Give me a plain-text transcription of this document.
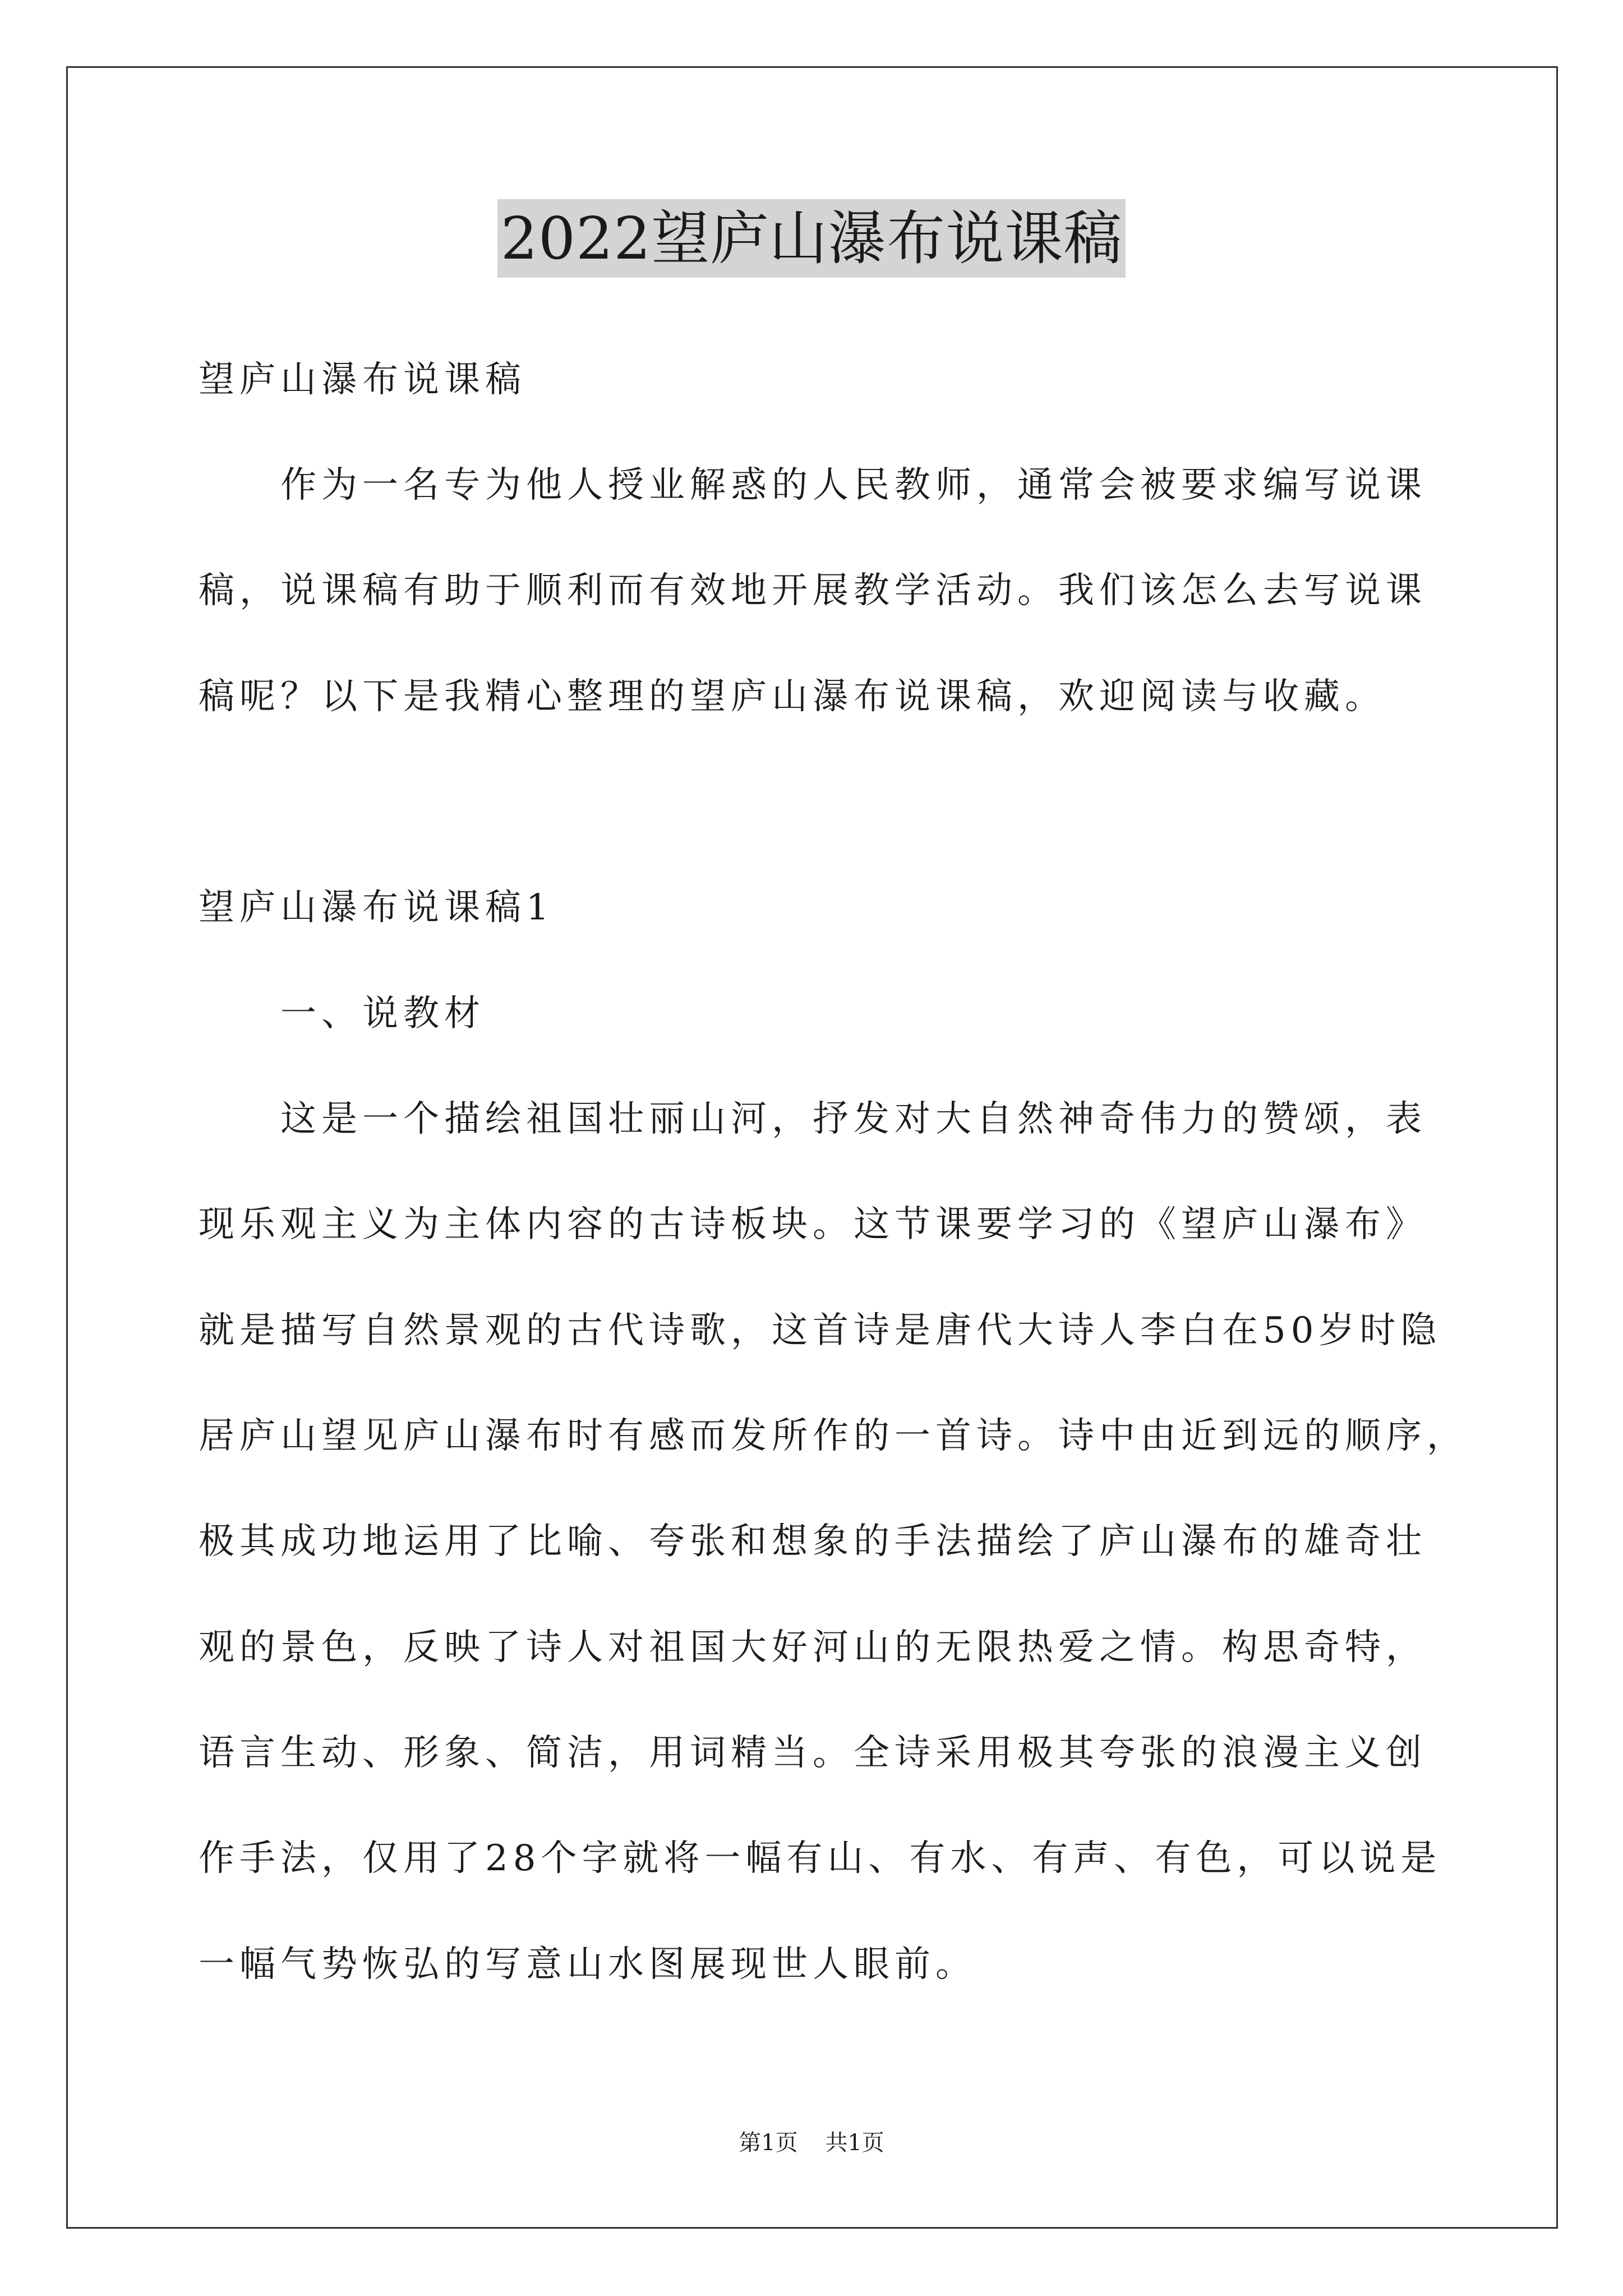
2022望庐山瀑布说课稿
望庐山瀑布说课稿
作为一名专为他人授业解惑的人民教师，通常会被要求编写说课
稿，说课稿有助于顺利而有效地开展教学活动。我们该怎么去写说课
稿呢？以下是我精心整理的望庐山瀑布说课稿，欢迎阅读与收藏。
望庐山瀑布说课稿1
一、说教材
这是一个描绘祖国壮丽山河，抒发对大自然神奇伟力的赞颂，表
现乐观主义为主体内容的古诗板块。这节课要学习的《望庐山瀑布》
就是描写自然景观的古代诗歌，这首诗是唐代大诗人李白在50岁时隐
居庐山望见庐山瀑布时有感而发所作的一首诗。诗中由近到远的顺序，
极其成功地运用了比喻、夸张和想象的手法描绘了庐山瀑布的雄奇壮
观的景色，反映了诗人对祖国大好河山的无限热爱之情。构思奇特，
语言生动、形象、简洁，用词精当。全诗采用极其夸张的浪漫主义创
作手法，仅用了28个字就将一幅有山、有水、有声、有色，可以说是
一幅气势恢弘的写意山水图展现世人眼前。
第1页 共1页
